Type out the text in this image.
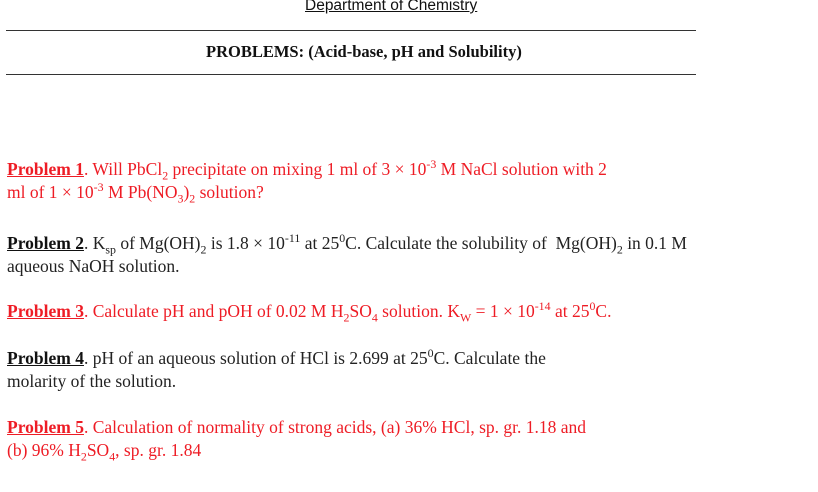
Department of Chemistry
PROBLEMS: (Acid-base, pH and Solubility)
Problem 1. Will PbCl$_2$ precipitate on mixing 1 ml of $3 \times 10^{-3}$ M NaCl solution with 2
ml of $1 \times 10^{-3}$ M $Pb(NO_3)_2$ solution?
Problem 2. $K_{sp}$ of $Mg(OH)_2$ is $1.8 \times 10^{-11}$ at $25^0C$. Calculate the solubility of  $Mg(OH)_2$ in 0.1 M
aqueous NaOH solution.
Problem 3. Calculate pH and pOH of 0.02 M $H_2SO_4$ solution. $K_W = 1 \times 10^{-14}$ at $25^0C$.
Problem 4. pH of an aqueous solution of HCl is 2.699 at $25^0C$. Calculate the
molarity of the solution.
Problem 5. Calculation of normality of strong acids, (a) 36% HCl, sp. gr. 1.18 and
(b) 96% $H_2SO_4$, sp. gr. 1.84
